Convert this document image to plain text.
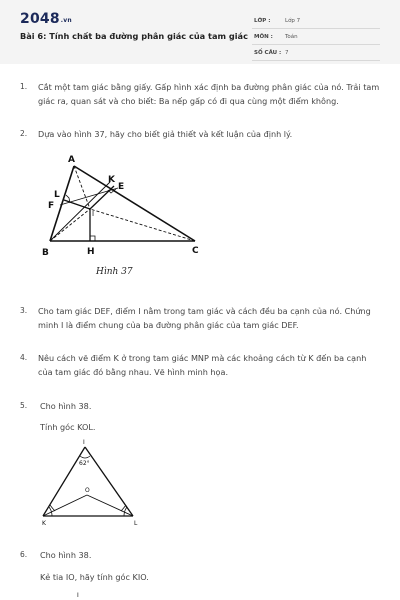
2048.vn
Bài 6: Tính chất ba đường phân giác của tam giác
LỚP :	Lớp 7
MÔN : Toán
SỐ CÂU : 7
1. Cắt một tam giác bằng giấy. Gấp hình xác định ba đường phân giác của nó. Trải tam giác ra, quan sát và cho biết: Ba nếp gấp có đi qua cùng một điểm không.
2. Dựa vào hình 37, hãy cho biết giả thiết và kết luận của định lý.
A
B	C
E
K
F
L
I
H
Hình 37
3. Cho tam giác DEF, điểm I nằm trong tam giác và cách đều ba cạnh của nó. Chứng minh I là điểm chung của ba đường phân giác của tam giác DEF.
4. Nêu cách vẽ điểm K ở trong tam giác MNP mà các khoảng cách từ K đến ba cạnh của tam giác đó bằng nhau. Vẽ hình minh họa.
5. Cho hình 38.
Tính góc KOL.
I
62°
O
K	L
6. Cho hình 38.
Kẻ tia IO, hãy tính góc KIO.
I
